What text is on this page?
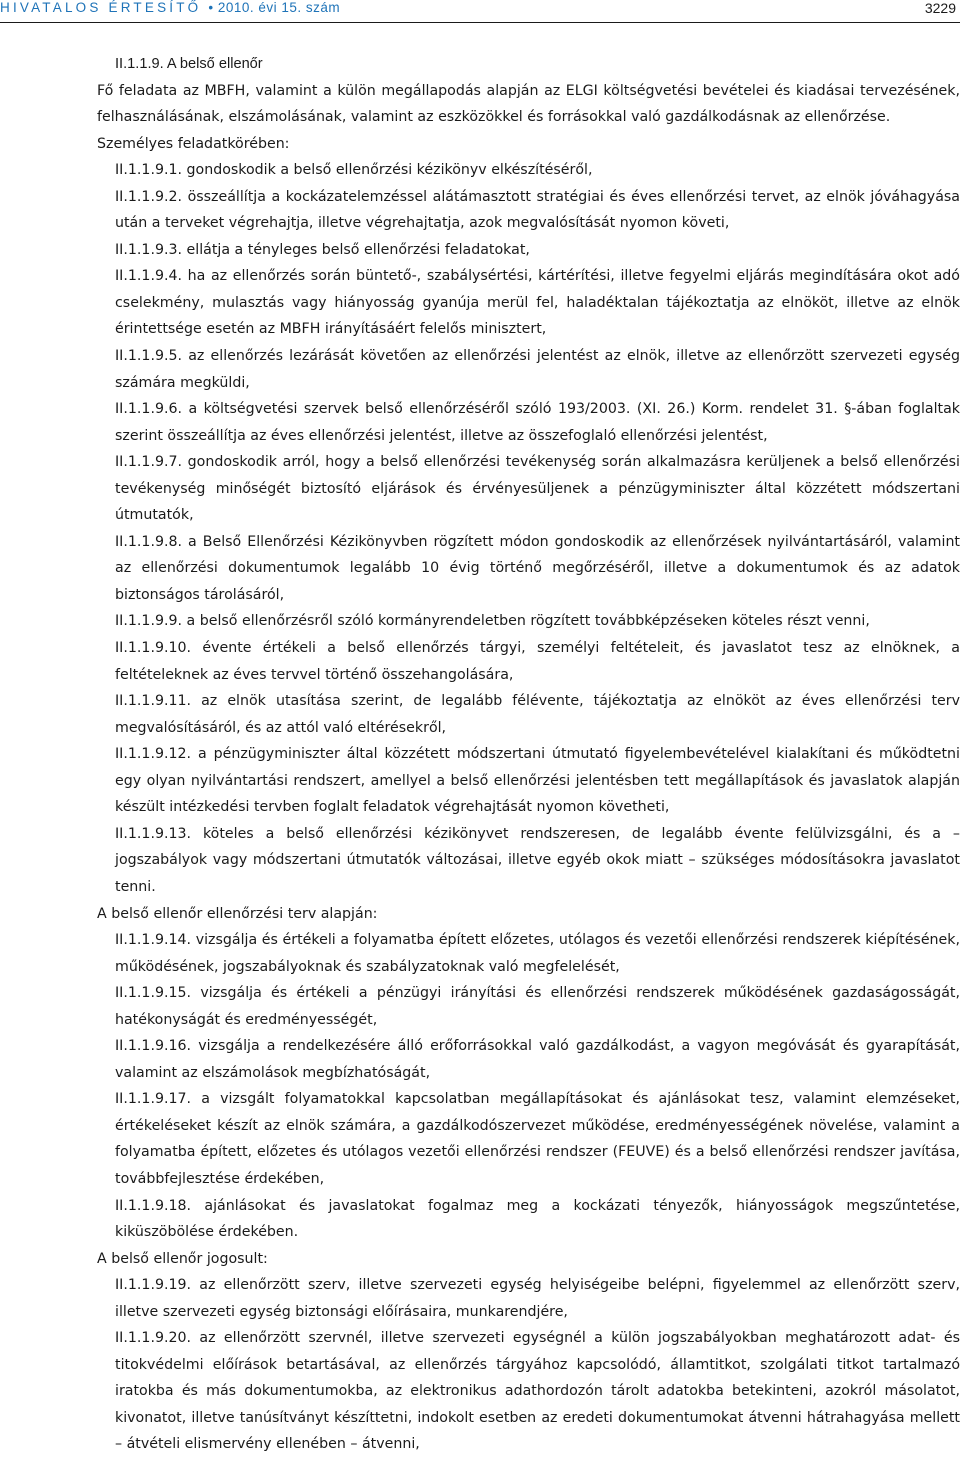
HIVATALOS ÉRTESÍTŐ • 2010. évi 15. szám	3229

II.1.1.9. A belső ellenőr

Fő feladata az MBFH, valamint a külön megállapodás alapján az ELGI költségvetési bevételei és kiadásai tervezésének, felhasználásának, elszámolásának, valamint az eszközökkel és forrásokkal való gazdálkodásnak az ellenőrzése.

Személyes feladatkörében:

II.1.1.9.1. gondoskodik a belső ellenőrzési kézikönyv elkészítéséről,

II.1.1.9.2. összeállítja a kockázatelemzéssel alátámasztott stratégiai és éves ellenőrzési tervet, az elnök jóváhagyása után a terveket végrehajtja, illetve végrehajtatja, azok megvalósítását nyomon követi,

II.1.1.9.3. ellátja a tényleges belső ellenőrzési feladatokat,

II.1.1.9.4. ha az ellenőrzés során büntető-, szabálysértési, kártérítési, illetve fegyelmi eljárás megindítására okot adó cselekmény, mulasztás vagy hiányosság gyanúja merül fel, haladéktalan tájékoztatja az elnököt, illetve az elnök érintettsége esetén az MBFH irányításáért felelős minisztert,

II.1.1.9.5. az ellenőrzés lezárását követően az ellenőrzési jelentést az elnök, illetve az ellenőrzött szervezeti egység számára megküldi,

II.1.1.9.6. a költségvetési szervek belső ellenőrzéséről szóló 193/2003. (XI. 26.) Korm. rendelet 31. §-ában foglaltak szerint összeállítja az éves ellenőrzési jelentést, illetve az összefoglaló ellenőrzési jelentést,

II.1.1.9.7. gondoskodik arról, hogy a belső ellenőrzési tevékenység során alkalmazásra kerüljenek a belső ellenőrzési tevékenység minőségét biztosító eljárások és érvényesüljenek a pénzügyminiszter által közzétett módszertani útmutatók,

II.1.1.9.8. a Belső Ellenőrzési Kézikönyvben rögzített módon gondoskodik az ellenőrzések nyilvántartásáról, valamint az ellenőrzési dokumentumok legalább 10 évig történő megőrzéséről, illetve a dokumentumok és az adatok biztonságos tárolásáról,

II.1.1.9.9. a belső ellenőrzésről szóló kormányrendeletben rögzített továbbképzéseken köteles részt venni,

II.1.1.9.10. évente értékeli a belső ellenőrzés tárgyi, személyi feltételeit, és javaslatot tesz az elnöknek, a feltételeknek az éves tervvel történő összehangolására,

II.1.1.9.11. az elnök utasítása szerint, de legalább félévente, tájékoztatja az elnököt az éves ellenőrzési terv megvalósításáról, és az attól való eltérésekről,

II.1.1.9.12. a pénzügyminiszter által közzétett módszertani útmutató figyelembevételével kialakítani és működtetni egy olyan nyilvántartási rendszert, amellyel a belső ellenőrzési jelentésben tett megállapítások és javaslatok alapján készült intézkedési tervben foglalt feladatok végrehajtását nyomon követheti,

II.1.1.9.13. köteles a belső ellenőrzési kézikönyvet rendszeresen, de legalább évente felülvizsgálni, és a – jogszabályok vagy módszertani útmutatók változásai, illetve egyéb okok miatt – szükséges módosításokra javaslatot tenni.

A belső ellenőr ellenőrzési terv alapján:

II.1.1.9.14. vizsgálja és értékeli a folyamatba épített előzetes, utólagos és vezetői ellenőrzési rendszerek kiépítésének, működésének, jogszabályoknak és szabályzatoknak való megfelelését,

II.1.1.9.15. vizsgálja és értékeli a pénzügyi irányítási és ellenőrzési rendszerek működésének gazdaságosságát, hatékonyságát és eredményességét,

II.1.1.9.16. vizsgálja a rendelkezésére álló erőforrásokkal való gazdálkodást, a vagyon megóvását és gyarapítását, valamint az elszámolások megbízhatóságát,

II.1.1.9.17. a vizsgált folyamatokkal kapcsolatban megállapításokat és ajánlásokat tesz, valamint elemzéseket, értékeléseket készít az elnök számára, a gazdálkodószervezet működése, eredményességének növelése, valamint a folyamatba épített, előzetes és utólagos vezetői ellenőrzési rendszer (FEUVE) és a belső ellenőrzési rendszer javítása, továbbfejlesztése érdekében,

II.1.1.9.18. ajánlásokat és javaslatokat fogalmaz meg a kockázati tényezők, hiányosságok megszűntetése, kiküszöbölése érdekében.

A belső ellenőr jogosult:

II.1.1.9.19. az ellenőrzött szerv, illetve szervezeti egység helyiségeibe belépni, figyelemmel az ellenőrzött szerv, illetve szervezeti egység biztonsági előírásaira, munkarendjére,

II.1.1.9.20. az ellenőrzött szervnél, illetve szervezeti egységnél a külön jogszabályokban meghatározott adat- és titokvédelmi előírások betartásával, az ellenőrzés tárgyához kapcsolódó, államtitkot, szolgálati titkot tartalmazó iratokba és más dokumentumokba, az elektronikus adathordozón tárolt adatokba betekinteni, azokról másolatot, kivonatot, illetve tanúsítványt készíttetni, indokolt esetben az eredeti dokumentumokat átvenni hátrahagyása mellett – átvételi elismervény ellenében – átvenni,
